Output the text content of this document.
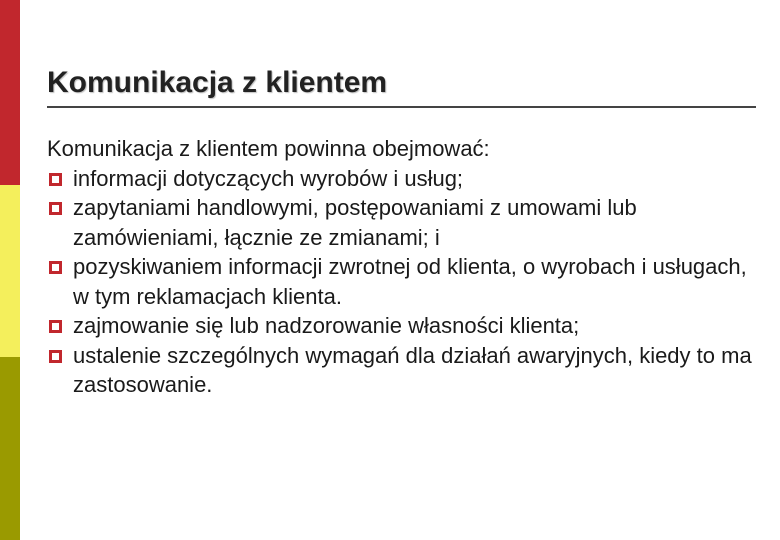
Komunikacja z klientem
Komunikacja z klientem powinna obejmować:
informacji dotyczących wyrobów i usług;
zapytaniami handlowymi, postępowaniami z umowami lub zamówieniami, łącznie ze zmianami; i
pozyskiwaniem informacji zwrotnej od klienta, o wyrobach i usługach, w tym reklamacjach klienta.
zajmowanie się lub nadzorowanie własności klienta;
ustalenie szczególnych wymagań dla działań awaryjnych, kiedy to ma zastosowanie.
